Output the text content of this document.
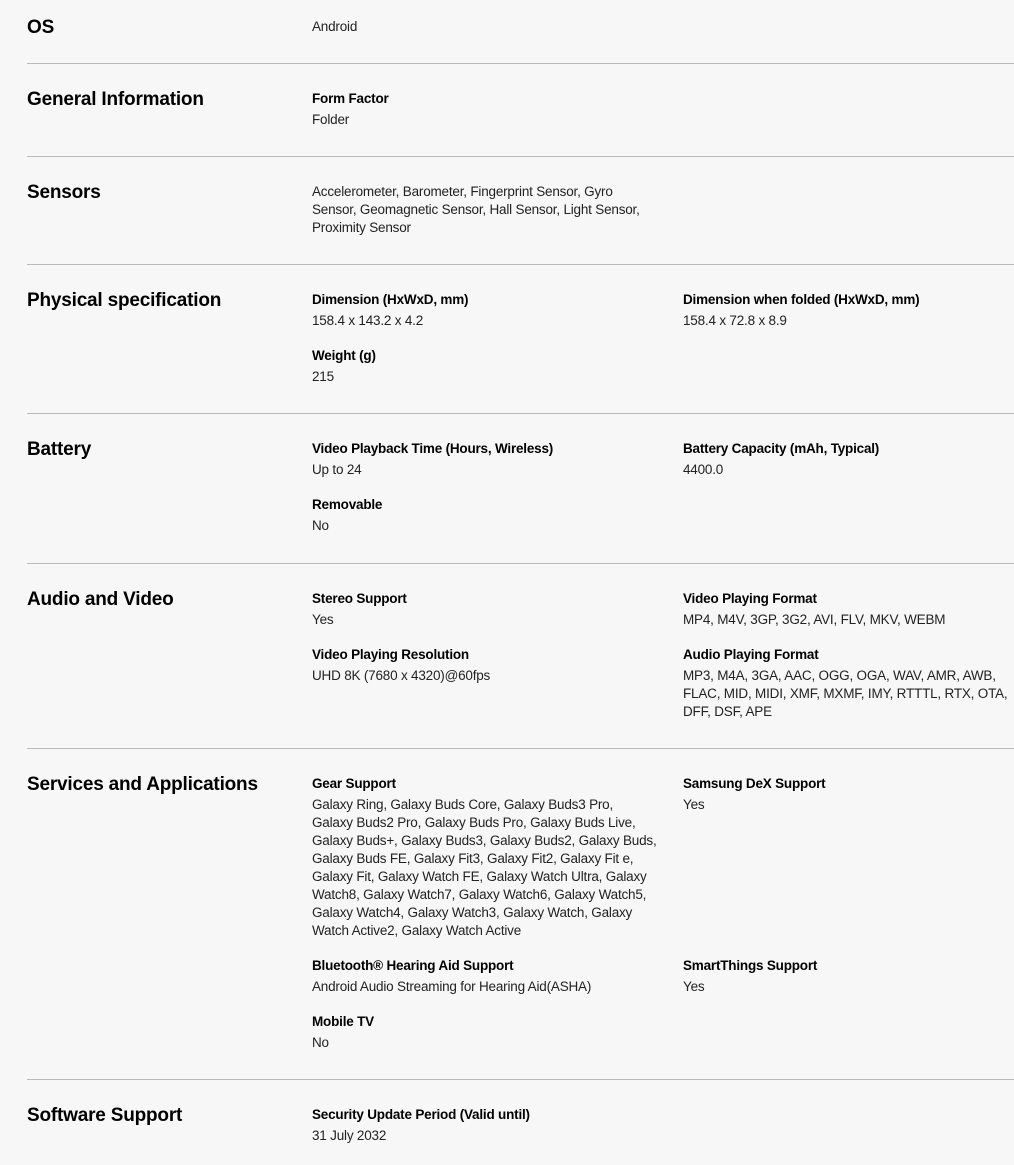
OS	Android
General Information	Form Factor
Folder
Sensors	Accelerometer, Barometer, Fingerprint Sensor, Gyro Sensor, Geomagnetic Sensor, Hall Sensor, Light Sensor, Proximity Sensor
Physical specification	Dimension (HxWxD, mm)
158.4 x 143.2 x 4.2
Dimension when folded (HxWxD, mm)
158.4 x 72.8 x 8.9
Weight (g)
215
Battery	Video Playback Time (Hours, Wireless)
Up to 24
Battery Capacity (mAh, Typical)
4400.0
Removable
No
Audio and Video	Stereo Support
Yes
Video Playing Format
MP4, M4V, 3GP, 3G2, AVI, FLV, MKV, WEBM
Video Playing Resolution
UHD 8K (7680 x 4320)@60fps
Audio Playing Format
MP3, M4A, 3GA, AAC, OGG, OGA, WAV, AMR, AWB, FLAC, MID, MIDI, XMF, MXMF, IMY, RTTTL, RTX, OTA, DFF, DSF, APE
Services and Applications	Gear Support
Galaxy Ring, Galaxy Buds Core, Galaxy Buds3 Pro, Galaxy Buds2 Pro, Galaxy Buds Pro, Galaxy Buds Live, Galaxy Buds+, Galaxy Buds3, Galaxy Buds2, Galaxy Buds, Galaxy Buds FE, Galaxy Fit3, Galaxy Fit2, Galaxy Fit e, Galaxy Fit, Galaxy Watch FE, Galaxy Watch Ultra, Galaxy Watch8, Galaxy Watch7, Galaxy Watch6, Galaxy Watch5, Galaxy Watch4, Galaxy Watch3, Galaxy Watch, Galaxy Watch Active2, Galaxy Watch Active
Samsung DeX Support
Yes
Bluetooth® Hearing Aid Support
Android Audio Streaming for Hearing Aid(ASHA)
SmartThings Support
Yes
Mobile TV
No
Software Support	Security Update Period (Valid until)
31 July 2032
